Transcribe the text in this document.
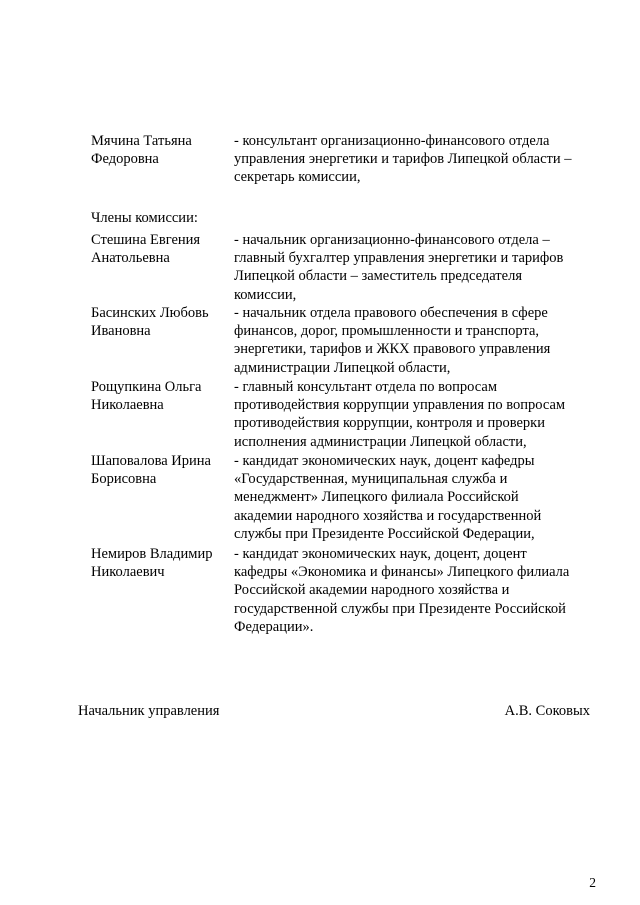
Мячина Татьяна
Федоровна
- консультант организационно-финансового отдела
управления энергетики и тарифов Липецкой области –
секретарь комиссии,
Члены комиссии:
Стешина Евгения
Анатольевна
- начальник организационно-финансового отдела –
главный бухгалтер управления энергетики и тарифов
Липецкой области – заместитель председателя
комиссии,
Басинских Любовь
Ивановна
- начальник отдела правового обеспечения в сфере
финансов, дорог, промышленности и транспорта,
энергетики, тарифов и ЖКХ правового управления
администрации Липецкой области,
Рощупкина Ольга
Николаевна
- главный консультант отдела по вопросам
противодействия коррупции управления по вопросам
противодействия коррупции, контроля и проверки
исполнения администрации Липецкой области,
Шаповалова Ирина
Борисовна
- кандидат экономических наук, доцент кафедры
«Государственная, муниципальная служба и
менеджмент» Липецкого филиала Российской
академии народного хозяйства и государственной
службы при Президенте Российской Федерации,
Немиров Владимир
Николаевич
- кандидат экономических наук, доцент, доцент
кафедры «Экономика и финансы» Липецкого филиала
Российской академии народного хозяйства и
государственной службы при Президенте Российской
Федерации».
Начальник управления	А.В. Соковых
2
